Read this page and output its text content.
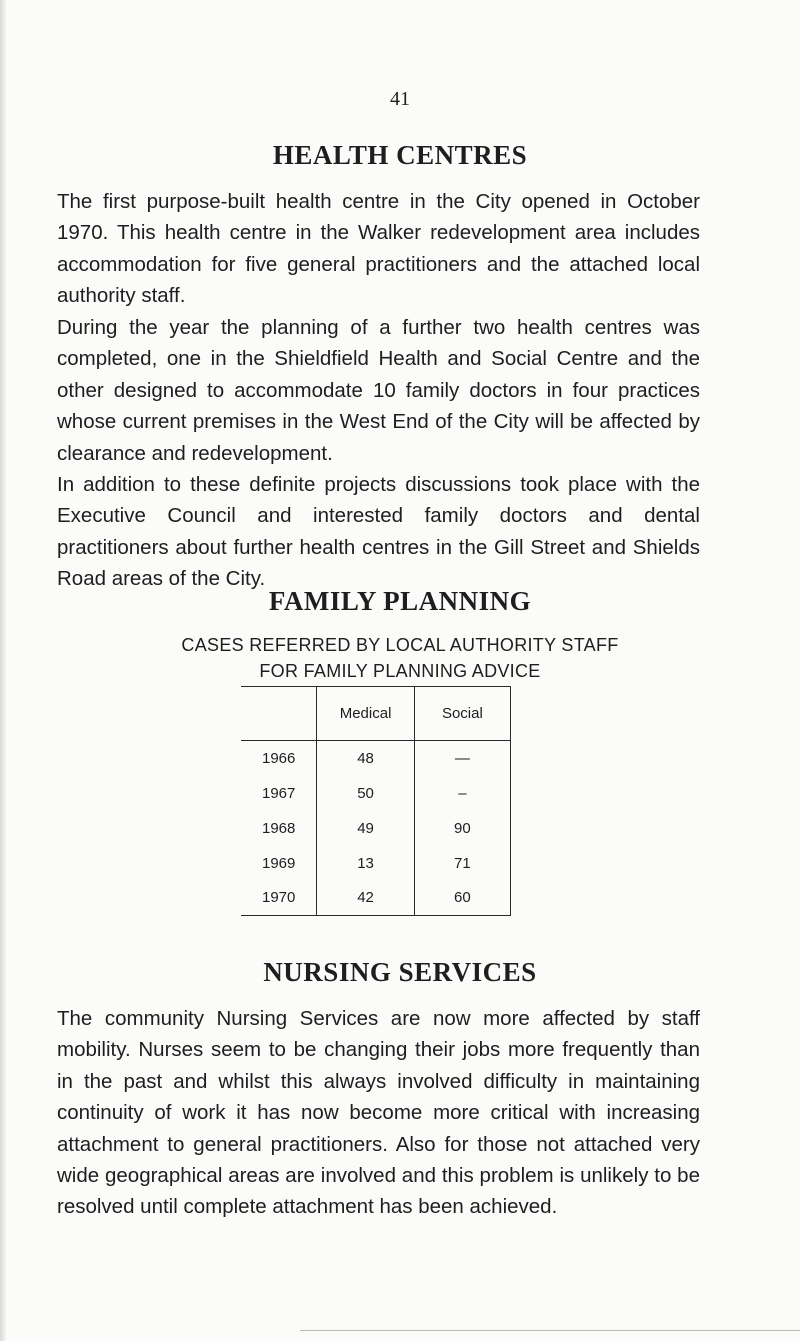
41
HEALTH CENTRES
The first purpose-built health centre in the City opened in October 1970. This health centre in the Walker redevelopment area includes accommodation for five general practitioners and the attached local authority staff.
During the year the planning of a further two health centres was completed, one in the Shieldfield Health and Social Centre and the other designed to accommodate 10 family doctors in four practices whose current premises in the West End of the City will be affected by clearance and redevelopment.
In addition to these definite projects discussions took place with the Executive Council and interested family doctors and dental practitioners about further health centres in the Gill Street and Shields Road areas of the City.
FAMILY PLANNING
CASES REFERRED BY LOCAL AUTHORITY STAFF
FOR FAMILY PLANNING ADVICE
	Medical	Social
1966	48	—
1967	50	–
1968	49	90
1969	13	71
1970	42	60
NURSING SERVICES
The community Nursing Services are now more affected by staff mobility. Nurses seem to be changing their jobs more frequently than in the past and whilst this always involved difficulty in maintaining continuity of work it has now become more critical with increasing attachment to general practitioners. Also for those not attached very wide geographical areas are involved and this problem is unlikely to be resolved until complete attachment has been achieved.
